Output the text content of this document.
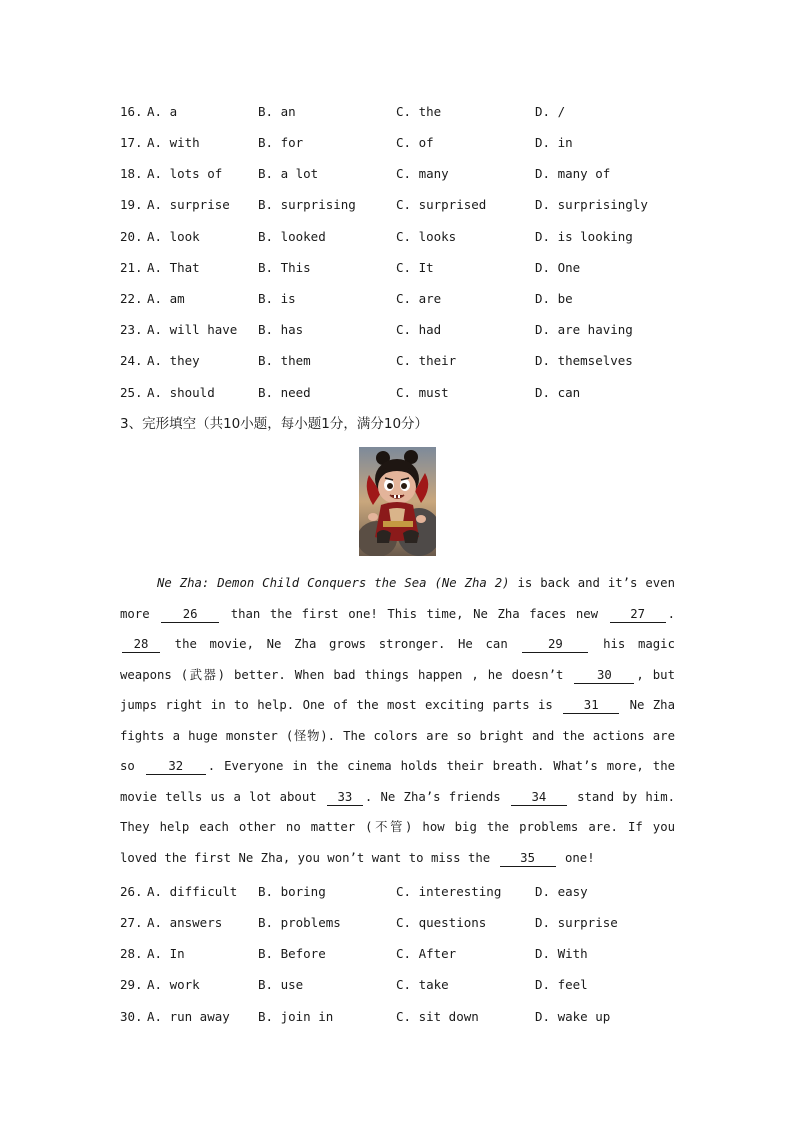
16. A. a	B. an	C. the	D. /
17. A. with	B. for	C. of	D. in
18. A. lots of	B. a lot	C. many	D. many of
19. A. surprise B. surprising	C. surprised	D. surprisingly
20. A. look	B. looked	C. looks	D. is looking
21. A. That	B. This	C. It	D. One
22. A. am	B. is	C. are	D. be
23. A. will have B. has	C. had	D. are having
24. A. they	B. them	C. their	D. themselves
25. A. should	B. need	C. must	D. can
3、完形填空（共10小题，每小题1分，满分10分）
Ne Zha: Demon Child Conquers the Sea (Ne Zha 2) is back and it’s even more 26 than the first one! This time, Ne Zha faces new 27 . 28 the movie, Ne Zha grows stronger. He can 29 his magic weapons (武器) better. When bad things happen , he doesn’t 30 , but jumps right in to help. One of the most exciting parts is 31 Ne Zha fights a huge monster (怪物). The colors are so bright and the actions are so 32 . Everyone in the cinema holds their breath. What’s more, the movie tells us a lot about 33 . Ne Zha’s friends 34 stand by him. They help each other no matter (不管) how big the problems are. If you loved the first Ne Zha, you won’t want to miss the 35 one!
26. A. difficult B. boring	C. interesting	D. easy
27. A. answers	B. problems	C. questions	D. surprise
28. A. In	B. Before	C. After	D. With
29. A. work	B. use	C. take	D. feel
30. A. run away B. join in	C. sit down	D. wake up
